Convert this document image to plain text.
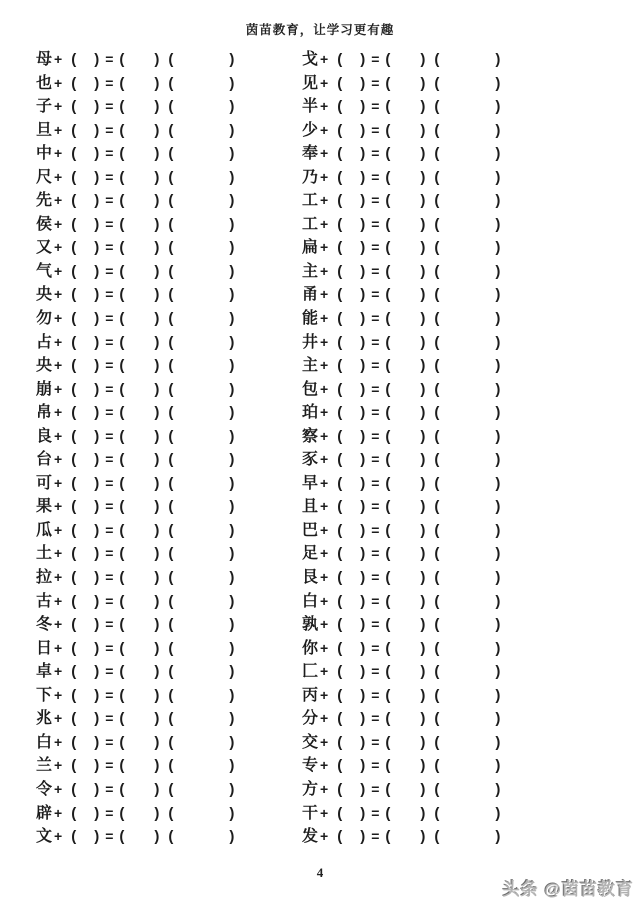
茵苗教育，让学习更有趣
母 + ( ) = ( ) (	)
也 + ( ) = ( ) (	)
子 + ( ) = ( ) (	)
旦 + ( ) = ( ) (	)
中 + ( ) = ( ) (	)
尺 + ( ) = ( ) (	)
先 + ( ) = ( ) (	)
侯 + ( ) = ( ) (	)
又 + ( ) = ( ) (	)
气 + ( ) = ( ) (	)
央 + ( ) = ( ) (	)
勿 + ( ) = ( ) (	)
占 + ( ) = ( ) (	)
央 + ( ) = ( ) (	)
崩 + ( ) = ( ) (	)
帛 + ( ) = ( ) (	)
良 + ( ) = ( ) (	)
台 + ( ) = ( ) (	)
可 + ( ) = ( ) (	)
果 + ( ) = ( ) (	)
瓜 + ( ) = ( ) (	)
土 + ( ) = ( ) (	)
拉 + ( ) = ( ) (	)
古 + ( ) = ( ) (	)
冬 + ( ) = ( ) (	)
日 + ( ) = ( ) (	)
卓 + ( ) = ( ) (	)
下 + ( ) = ( ) (	)
兆 + ( ) = ( ) (	)
白 + ( ) = ( ) (	)
兰 + ( ) = ( ) (	)
令 + ( ) = ( ) (	)
辟 + ( ) = ( ) (	)
文 + ( ) = ( ) (	)
戈 + ( ) = ( ) (	)
见 + ( ) = ( ) (	)
半 + ( ) = ( ) (	)
少 + ( ) = ( ) (	)
奉 + ( ) = ( ) (	)
乃 + ( ) = ( ) (	)
工 + ( ) = ( ) (	)
工 + ( ) = ( ) (	)
扁 + ( ) = ( ) (	)
主 + ( ) = ( ) (	)
甬 + ( ) = ( ) (	)
能 + ( ) = ( ) (	)
井 + ( ) = ( ) (	)
主 + ( ) = ( ) (	)
包 + ( ) = ( ) (	)
珀 + ( ) = ( ) (	)
察 + ( ) = ( ) (	)
豕 + ( ) = ( ) (	)
早 + ( ) = ( ) (	)
且 + ( ) = ( ) (	)
巴 + ( ) = ( ) (	)
足 + ( ) = ( ) (	)
艮 + ( ) = ( ) (	)
白 + ( ) = ( ) (	)
孰 + ( ) = ( ) (	)
你 + ( ) = ( ) (	)
匚 + ( ) = ( ) (	)
丙 + ( ) = ( ) (	)
分 + ( ) = ( ) (	)
交 + ( ) = ( ) (	)
专 + ( ) = ( ) (	)
方 + ( ) = ( ) (	)
干 + ( ) = ( ) (	)
发 + ( ) = ( ) (	)
4
头条 @茵苗教育
